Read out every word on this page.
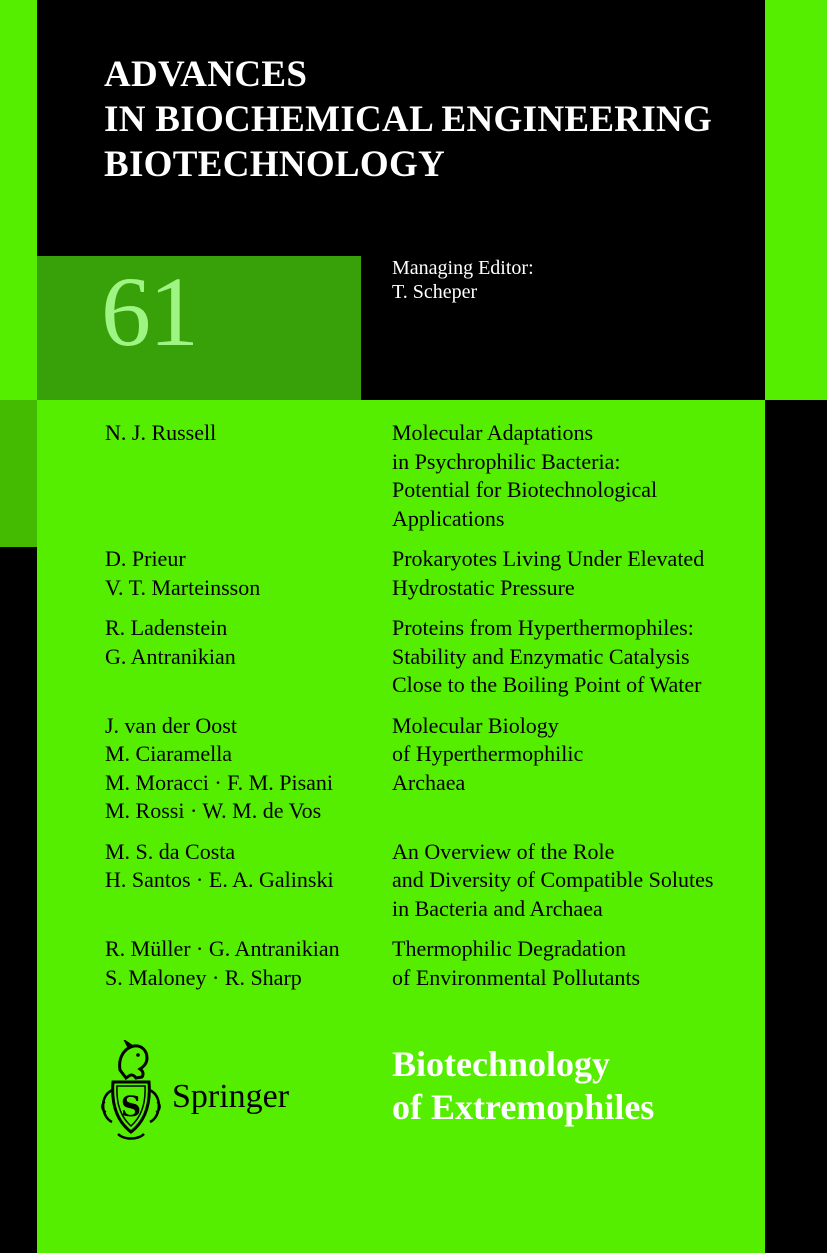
ADVANCES
IN BIOCHEMICAL ENGINEERING
BIOTECHNOLOGY
61	Managing Editor:
T. Scheper
N. J. Russell	Molecular Adaptations
in Psychrophilic Bacteria:
Potential for Biotechnological
Applications
D. Prieur
V. T. Marteinsson
Prokaryotes Living Under Elevated
Hydrostatic Pressure
R. Ladenstein
G. Antranikian
Proteins from Hyperthermophiles:
Stability and Enzymatic Catalysis
Close to the Boiling Point of Water
J. van der Oost
M. Ciaramella
M. Moracci · F. M. Pisani
M. Rossi · W. M. de Vos
Molecular Biology
of Hyperthermophilic
Archaea
M. S. da Costa
H. Santos · E. A. Galinski
An Overview of the Role
and Diversity of Compatible Solutes
in Bacteria and Archaea
R. Müller · G. Antranikian
S. Maloney · R. Sharp
Thermophilic Degradation
of Environmental Pollutants
S Springer
Biotechnology
of Extremophiles
